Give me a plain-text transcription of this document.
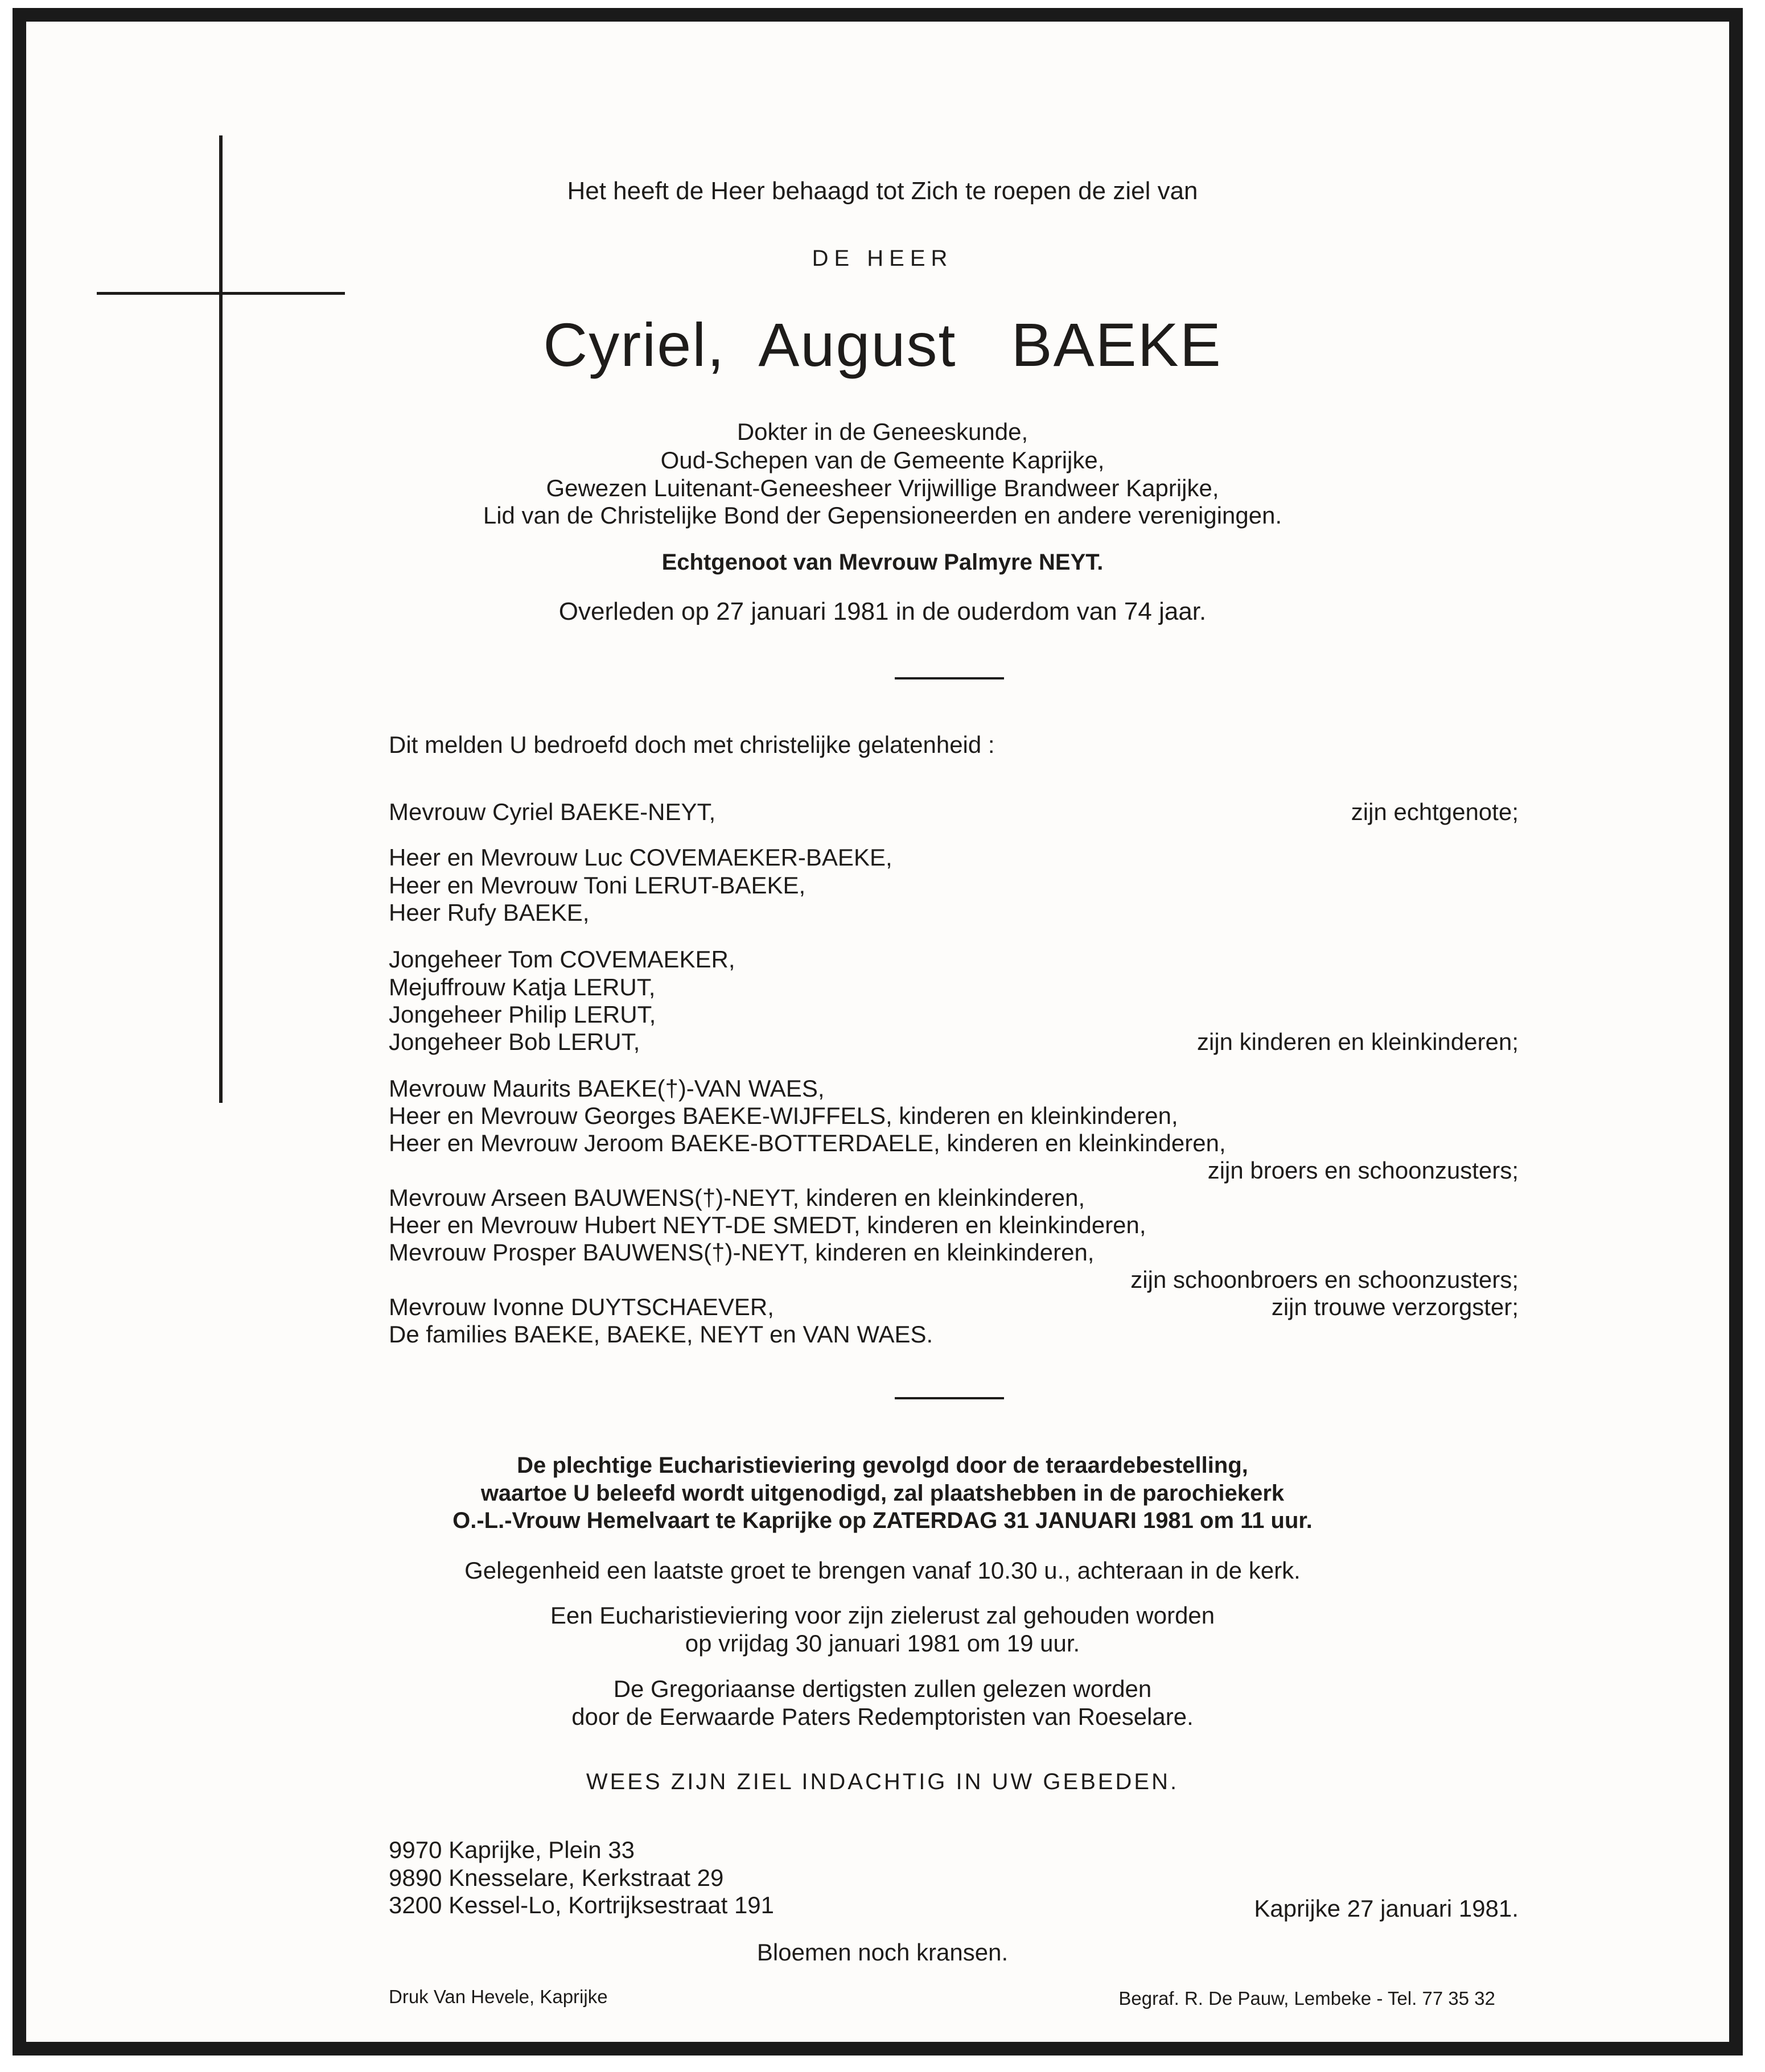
Het heeft de Heer behaagd tot Zich te roepen de ziel van

DE HEER

Cyriel,  August   BAEKE

Dokter in de Geneeskunde,

Oud-Schepen van de Gemeente Kaprijke,

Gewezen Luitenant-Geneesheer Vrijwillige Brandweer Kaprijke,

Lid van de Christelijke Bond der Gepensioneerden en andere verenigingen.

Echtgenoot van Mevrouw Palmyre NEYT.

Overleden op 27 januari 1981 in de ouderdom van 74 jaar.

Dit melden U bedroefd doch met christelijke gelatenheid :

Mevrouw Cyriel BAEKE-NEYT,	zijn echtgenote;

Heer en Mevrouw Luc COVEMAEKER-BAEKE,

Heer en Mevrouw Toni LERUT-BAEKE,

Heer Rufy BAEKE,

Jongeheer Tom COVEMAEKER,

Mejuffrouw Katja LERUT,

Jongeheer Philip LERUT,

Jongeheer Bob LERUT,	zijn kinderen en kleinkinderen;

Mevrouw Maurits BAEKE(†)-VAN WAES,

Heer en Mevrouw Georges BAEKE-WIJFFELS, kinderen en kleinkinderen,

Heer en Mevrouw Jeroom BAEKE-BOTTERDAELE, kinderen en kleinkinderen,

zijn broers en schoonzusters;

Mevrouw Arseen BAUWENS(†)-NEYT, kinderen en kleinkinderen,

Heer en Mevrouw Hubert NEYT-DE SMEDT, kinderen en kleinkinderen,

Mevrouw Prosper BAUWENS(†)-NEYT, kinderen en kleinkinderen,

zijn schoonbroers en schoonzusters;

Mevrouw Ivonne DUYTSCHAEVER,	zijn trouwe verzorgster;

De families BAEKE, BAEKE, NEYT en VAN WAES.

De plechtige Eucharistieviering gevolgd door de teraardebestelling,

waartoe U beleefd wordt uitgenodigd, zal plaatshebben in de parochiekerk

O.-L.-Vrouw Hemelvaart te Kaprijke op ZATERDAG 31 JANUARI 1981 om 11 uur.

Gelegenheid een laatste groet te brengen vanaf 10.30 u., achteraan in de kerk.

Een Eucharistieviering voor zijn zielerust zal gehouden worden

op vrijdag 30 januari 1981 om 19 uur.

De Gregoriaanse dertigsten zullen gelezen worden

door de Eerwaarde Paters Redemptoristen van Roeselare.

WEES ZIJN ZIEL INDACHTIG IN UW GEBEDEN.

9970 Kaprijke, Plein 33

9890 Knesselare, Kerkstraat 29

3200 Kessel-Lo, Kortrijksestraat 191	Kaprijke 27 januari 1981.

Bloemen noch kransen.

Druk Van Hevele, Kaprijke	Begraf. R. De Pauw, Lembeke - Tel. 77 35 32
